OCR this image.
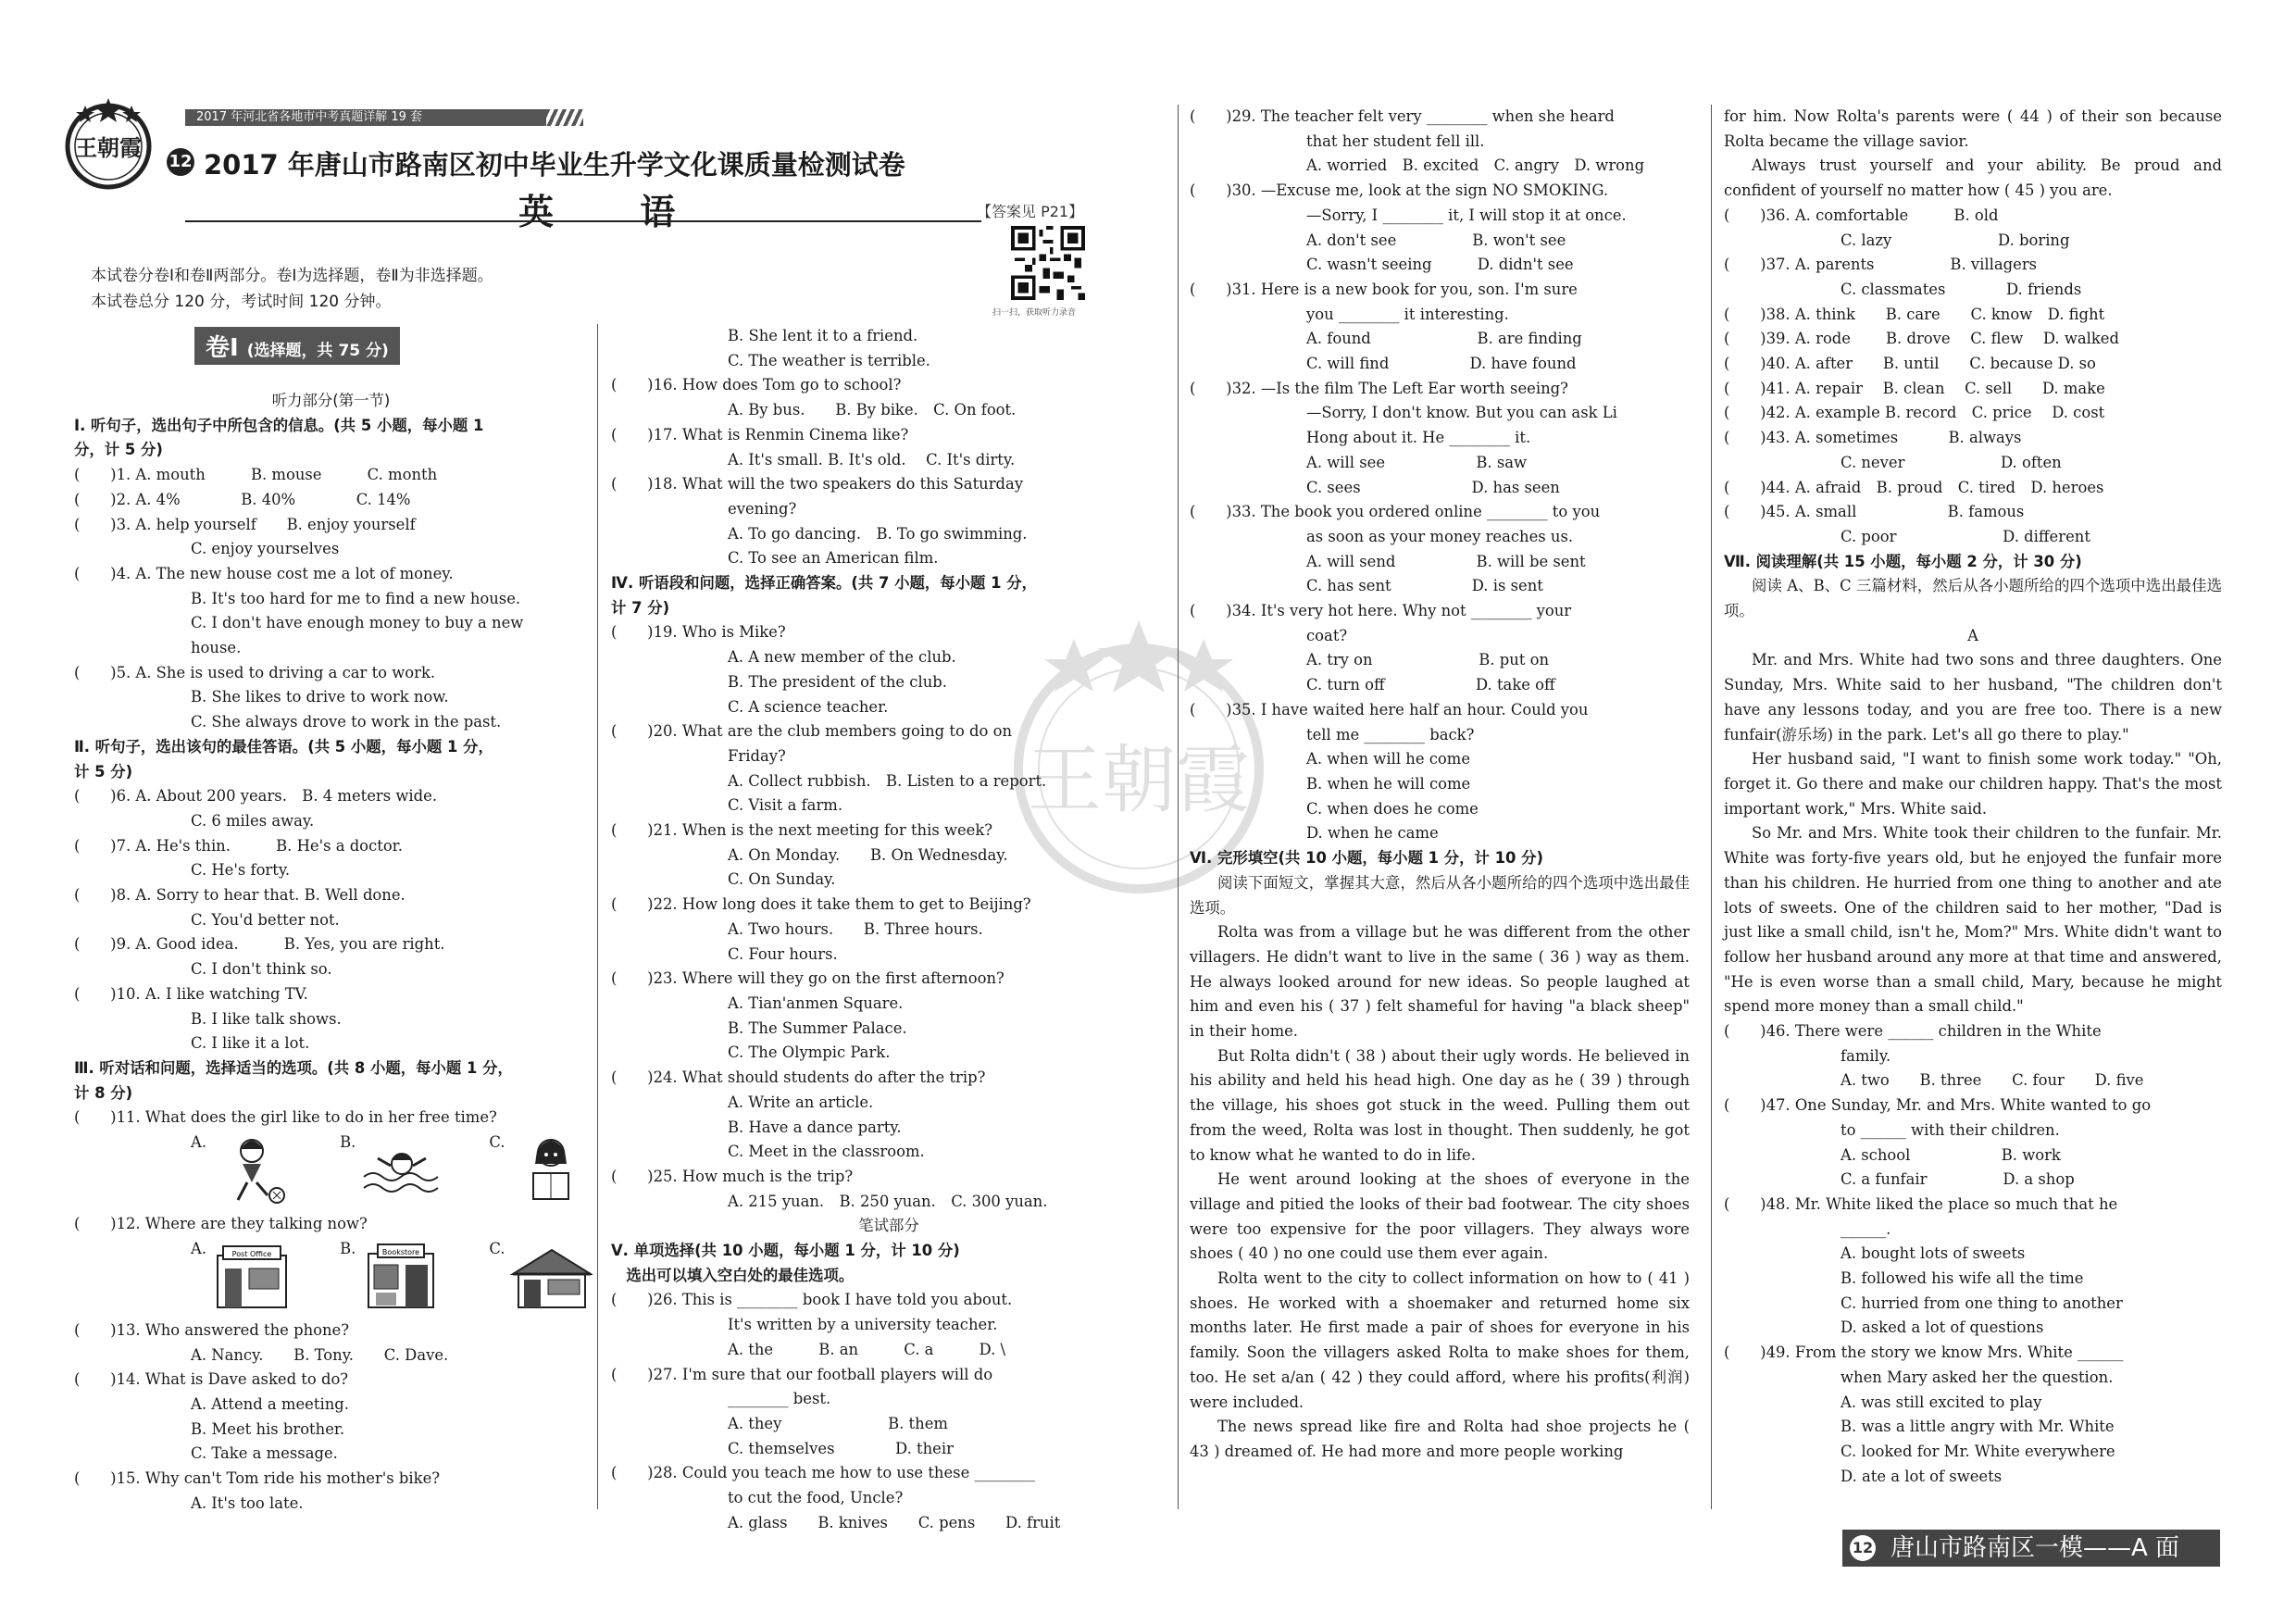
2017 年河北省各地市中考真题详解 19 套
王朝霞
12 2017 年唐山市路南区初中毕业生升学文化课质量检测试卷
英 语	【答案见 P21】
扫一扫，获取听力录音
本试卷分卷Ⅰ和卷Ⅱ两部分。卷Ⅰ为选择题，卷Ⅱ为非选择题。
本试卷总分 120 分，考试时间 120 分钟。
卷Ⅰ (选择题，共 75 分)
王朝霞
听力部分(第一节)
Ⅰ. 听句子，选出句子中所包含的信息。(共 5 小题，每小题 1
分，计 5 分)
(　　)1. A. mouth　　　B. mouse　　　C. month
(　　)2. A. 4%　　　　B. 40%　　　　C. 14%
(　　)3. A. help yourself　　B. enjoy yourself
C. enjoy yourselves
(　　)4. A. The new house cost me a lot of money.
B. It's too hard for me to find a new house.
C. I don't have enough money to buy a new
house.
(　　)5. A. She is used to driving a car to work.
B. She likes to drive to work now.
C. She always drove to work in the past.
Ⅱ. 听句子，选出该句的最佳答语。(共 5 小题，每小题 1 分，
计 5 分)
(　　)6. A. About 200 years.　B. 4 meters wide.
C. 6 miles away.
(　　)7. A. He's thin.　　　B. He's a doctor.
C. He's forty.
(　　)8. A. Sorry to hear that. B. Well done.
C. You'd better not.
(　　)9. A. Good idea.　　　B. Yes, you are right.
C. I don't think so.
(　　)10. A. I like watching TV.
B. I like talk shows.
C. I like it a lot.
Ⅲ. 听对话和问题，选择适当的选项。(共 8 小题，每小题 1 分，
计 8 分)
(　　)11. What does the girl like to do in her free time?
A.	B.	C.
(　　)12. Where are they talking now?
A.	Post Office	B.	Bookstore	C.
(　　)13. Who answered the phone?
A. Nancy.　　B. Tony.　　C. Dave.
(　　)14. What is Dave asked to do?
A. Attend a meeting.
B. Meet his brother.
C. Take a message.
(　　)15. Why can't Tom ride his mother's bike?
A. It's too late.
B. She lent it to a friend.
C. The weather is terrible.
(　　)16. How does Tom go to school?
A. By bus.　　B. By bike.　C. On foot.
(　　)17. What is Renmin Cinema like?
A. It's small. B. It's old.　 C. It's dirty.
(　　)18. What will the two speakers do this Saturday
evening?
A. To go dancing.　B. To go swimming.
C. To see an American film.
Ⅳ. 听语段和问题，选择正确答案。(共 7 小题，每小题 1 分，
计 7 分)
(　　)19. Who is Mike?
A. A new member of the club.
B. The president of the club.
C. A science teacher.
(　　)20. What are the club members going to do on
Friday?
A. Collect rubbish.　B. Listen to a report.
C. Visit a farm.
(　　)21. When is the next meeting for this week?
A. On Monday.　　B. On Wednesday.
C. On Sunday.
(　　)22. How long does it take them to get to Beijing?
A. Two hours.　　B. Three hours.
C. Four hours.
(　　)23. Where will they go on the first afternoon?
A. Tian'anmen Square.
B. The Summer Palace.
C. The Olympic Park.
(　　)24. What should students do after the trip?
A. Write an article.
B. Have a dance party.
C. Meet in the classroom.
(　　)25. How much is the trip?
A. 215 yuan.　B. 250 yuan.　C. 300 yuan.
笔试部分
Ⅴ. 单项选择(共 10 小题，每小题 1 分，计 10 分)
　选出可以填入空白处的最佳选项。
(　　)26. This is ________ book I have told you about.
It's written by a university teacher.
A. the　　　B. an　　　C. a　　　D. \
(　　)27. I'm sure that our football players will do
________ best.
A. they　　　　　　　B. them
C. themselves　　　　D. their
(　　)28. Could you teach me how to use these ________
to cut the food, Uncle?
A. glass　　B. knives　　C. pens　　D. fruit
(　　)29. The teacher felt very ________ when she heard
that her student fell ill.
A. worried　B. excited　C. angry　D. wrong
(　　)30. —Excuse me, look at the sign NO SMOKING.
—Sorry, I ________ it, I will stop it at once.
A. don't see　　　　　B. won't see
C. wasn't seeing　　　D. didn't see
(　　)31. Here is a new book for you, son. I'm sure
you ________ it interesting.
A. found　　　　　　　B. are finding
C. will find　　　　　 D. have found
(　　)32. —Is the film The Left Ear worth seeing?
—Sorry, I don't know. But you can ask Li
Hong about it. He ________ it.
A. will see　　　　　　B. saw
C. sees　　　　　　　 D. has seen
(　　)33. The book you ordered online ________ to you
as soon as your money reaches us.
A. will send　　　　　 B. will be sent
C. has sent　　　　　 D. is sent
(　　)34. It's very hot here. Why not ________ your
coat?
A. try on　　　　　　　B. put on
C. turn off　　　　　　D. take off
(　　)35. I have waited here half an hour. Could you
tell me ________ back?
A. when will he come
B. when he will come
C. when does he come
D. when he came
Ⅵ. 完形填空(共 10 小题，每小题 1 分，计 10 分)
阅读下面短文，掌握其大意，然后从各小题所给的四个选项中选出最佳选项。
Rolta was from a village but he was different from the other villagers. He didn't want to live in the same ( 36 ) way as them. He always looked around for new ideas. So people laughed at him and even his ( 37 ) felt shameful for having "a black sheep" in their home.
But Rolta didn't ( 38 ) about their ugly words. He believed in his ability and held his head high. One day as he ( 39 ) through the village, his shoes got stuck in the weed. Pulling them out from the weed, Rolta was lost in thought. Then suddenly, he got to know what he wanted to do in life.
He went around looking at the shoes of everyone in the village and pitied the looks of their bad footwear. The city shoes were too expensive for the poor villagers. They always wore shoes ( 40 ) no one could use them ever again.
Rolta went to the city to collect information on how to ( 41 ) shoes. He worked with a shoemaker and returned home six months later. He first made a pair of shoes for everyone in his family. Soon the villagers asked Rolta to make shoes for them, too. He set a/an ( 42 ) they could afford, where his profits(利润) were included.
The news spread like fire and Rolta had shoe projects he ( 43 ) dreamed of. He had more and more people working
for him. Now Rolta's parents were ( 44 ) of their son because Rolta became the village savior.
Always trust yourself and your ability. Be proud and confident of yourself no matter how ( 45 ) you are.
(　　)36. A. comfortable　　　B. old
C. lazy　　　　　　　D. boring
(　　)37. A. parents　　　　　B. villagers
C. classmates　　　　D. friends
(　　)38. A. think　　B. care　　C. know　D. fight
(　　)39. A. rode　　 B. drove　 C. flew　 D. walked
(　　)40. A. after　　B. until　　C. because D. so
(　　)41. A. repair　 B. clean　 C. sell　　D. make
(　　)42. A. example B. record　C. price　 D. cost
(　　)43. A. sometimes　　　 B. always
C. never　　　　　　 D. often
(　　)44. A. afraid　B. proud　C. tired　D. heroes
(　　)45. A. small　　　　　　B. famous
C. poor　　　　　　　D. different
Ⅶ. 阅读理解(共 15 小题，每小题 2 分，计 30 分)
阅读 A、B、C 三篇材料，然后从各小题所给的四个选项中选出最佳选项。
A
Mr. and Mrs. White had two sons and three daughters. One Sunday, Mrs. White said to her husband, "The children don't have any lessons today, and you are free too. There is a new funfair(游乐场) in the park. Let's all go there to play."
Her husband said, "I want to finish some work today." "Oh, forget it. Go there and make our children happy. That's the most important work," Mrs. White said.
So Mr. and Mrs. White took their children to the funfair. Mr. White was forty-five years old, but he enjoyed the funfair more than his children. He hurried from one thing to another and ate lots of sweets. One of the children said to her mother, "Dad is just like a small child, isn't he, Mom?" Mrs. White didn't want to follow her husband around any more at that time and answered, "He is even worse than a small child, Mary, because he might spend more money than a small child."
(　　)46. There were ______ children in the White
family.
A. two　　B. three　　C. four　　D. five
(　　)47. One Sunday, Mr. and Mrs. White wanted to go
to ______ with their children.
A. school　　　　　　B. work
C. a funfair　　　　　D. a shop
(　　)48. Mr. White liked the place so much that he
______.
A. bought lots of sweets
B. followed his wife all the time
C. hurried from one thing to another
D. asked a lot of questions
(　　)49. From the story we know Mrs. White ______
when Mary asked her the question.
A. was still excited to play
B. was a little angry with Mr. White
C. looked for Mr. White everywhere
D. ate a lot of sweets
唐山市路南区一模——A 面
12
